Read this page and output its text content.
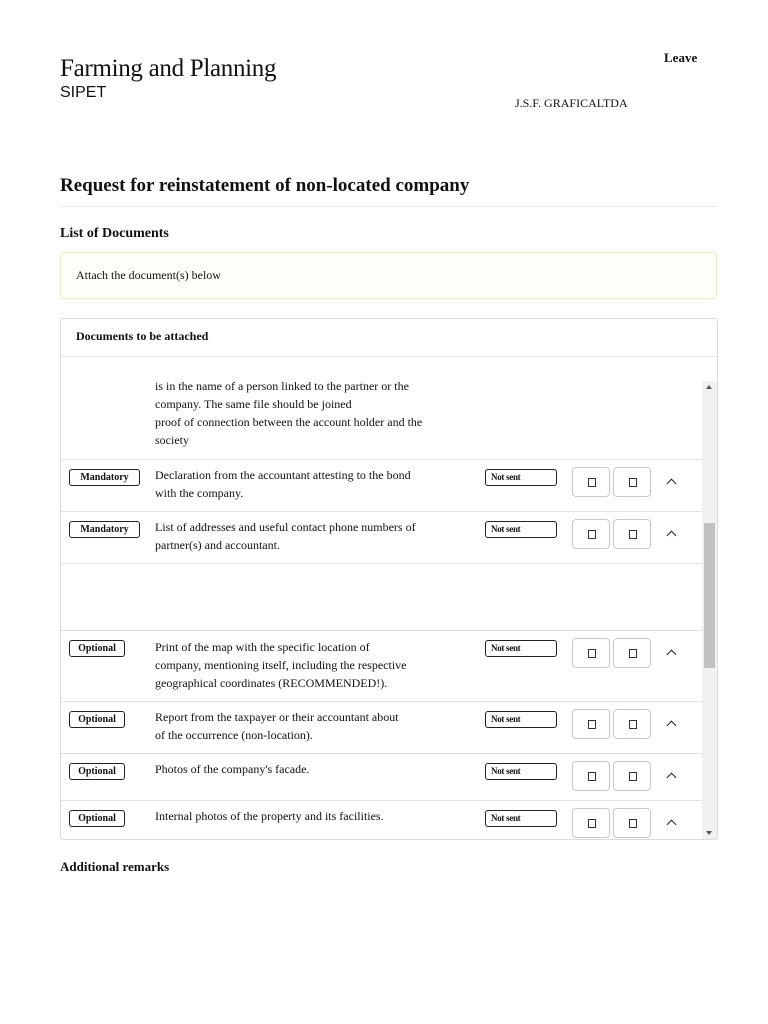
Farming and Planning
SIPET
Leave
J.S.F. GRAFICALTDA
Request for reinstatement of non-located company
List of Documents
Attach the document(s) below
Documents to be attached
is in the name of a person linked to the partner or the
company. The same file should be joined
proof of connection between the account holder and the
society
Mandatory	Declaration from the accountant attesting to the bond
with the company.
Not sent
Mandatory	List of addresses and useful contact phone numbers of
partner(s) and accountant.
Not sent
Optional	Print of the map with the specific location of
company, mentioning itself, including the respective
geographical coordinates (RECOMMENDED!).
Not sent
Optional	Report from the taxpayer or their accountant about
of the occurrence (non-location).
Not sent
Optional	Photos of the company's facade.	Not sent
Optional	Internal photos of the property and its facilities.	Not sent
Additional remarks
